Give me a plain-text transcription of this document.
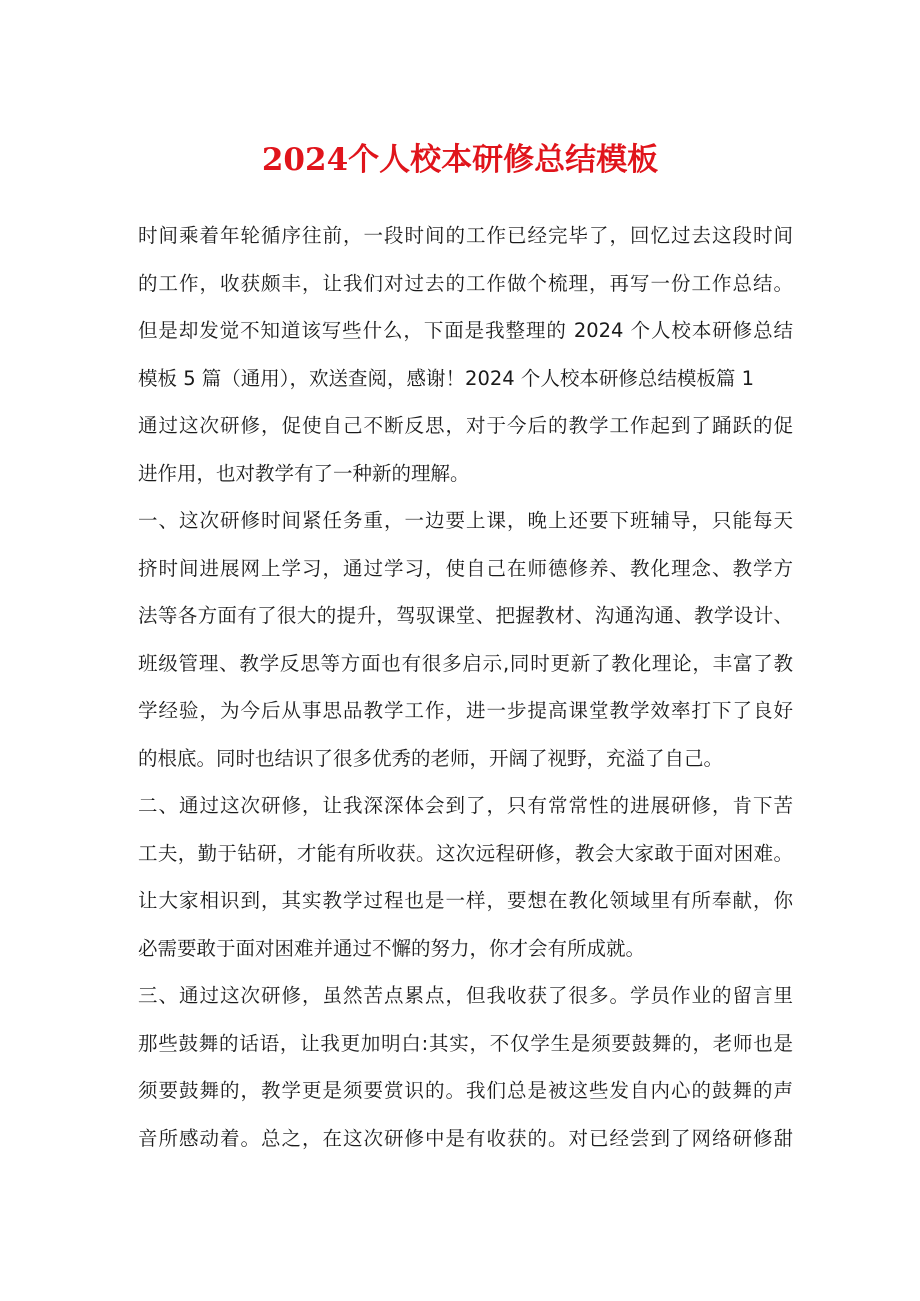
2024个人校本研修总结模板

时间乘着年轮循序往前，一段时间的工作已经完毕了，回忆过去这段时间

的工作，收获颇丰，让我们对过去的工作做个梳理，再写一份工作总结。

但是却发觉不知道该写些什么，下面是我整理的 2024 个人校本研修总结

模板 5 篇（通用），欢送查阅，感谢！2024 个人校本研修总结模板篇 1

通过这次研修，促使自己不断反思，对于今后的教学工作起到了踊跃的促

进作用，也对教学有了一种新的理解。

一、这次研修时间紧任务重，一边要上课，晚上还要下班辅导，只能每天

挤时间进展网上学习，通过学习，使自己在师德修养、教化理念、教学方

法等各方面有了很大的提升，驾驭课堂、把握教材、沟通沟通、教学设计、

班级管理、教学反思等方面也有很多启示,同时更新了教化理论，丰富了教

学经验，为今后从事思品教学工作，进一步提高课堂教学效率打下了良好

的根底。同时也结识了很多优秀的老师，开阔了视野，充溢了自己。

二、通过这次研修，让我深深体会到了，只有常常性的进展研修，肯下苦

工夫，勤于钻研，才能有所收获。这次远程研修，教会大家敢于面对困难。

让大家相识到，其实教学过程也是一样，要想在教化领域里有所奉献，你

必需要敢于面对困难并通过不懈的努力，你才会有所成就。

三、通过这次研修，虽然苦点累点，但我收获了很多。学员作业的留言里

那些鼓舞的话语，让我更加明白:其实，不仅学生是须要鼓舞的，老师也是

须要鼓舞的，教学更是须要赏识的。我们总是被这些发自内心的鼓舞的声

音所感动着。总之，在这次研修中是有收获的。对已经尝到了网络研修甜
